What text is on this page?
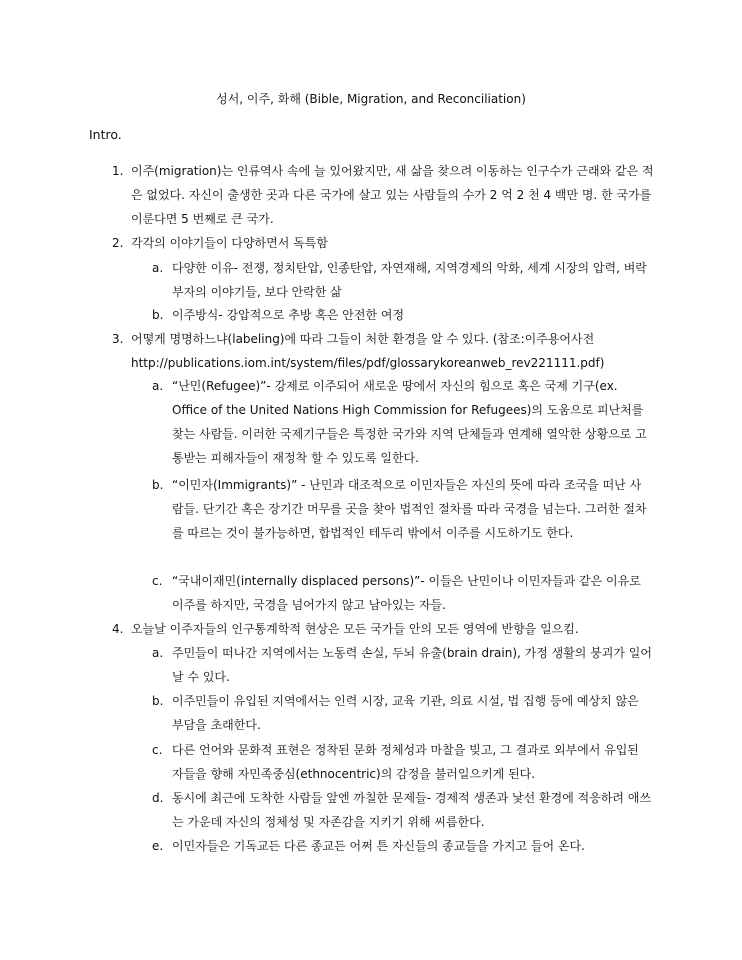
성서, 이주, 화해 (Bible, Migration, and Reconciliation)
Intro.
1. 이주(migration)는 인류역사 속에 늘 있어왔지만, 새 삶을 찾으려 이동하는 인구수가 근래와 같은 적은 없었다. 자신이 출생한 곳과 다른 국가에 살고 있는 사람들의 수가 2 억 2 천 4 백만 명. 한 국가를 이룬다면 5 번째로 큰 국가.
2. 각각의 이야기들이 다양하면서 독특함
a. 다양한 이유- 전쟁, 정치탄압, 인종탄압, 자연재해, 지역경제의 악화, 세계 시장의 압력, 벼락부자의 이야기들, 보다 안락한 삶
b. 이주방식- 강압적으로 추방 혹은 안전한 여정
3. 어떻게 명명하느냐(labeling)에 따라 그들이 처한 환경을 알 수 있다. (참조:이주용어사전 http://publications.iom.int/system/files/pdf/glossarykoreanweb_rev221111.pdf)
a. “난민(Refugee)”- 강제로 이주되어 새로운 땅에서 자신의 힘으로 혹은 국제 기구(ex. Office of the United Nations High Commission for Refugees)의 도움으로 피난처를 찾는 사람들. 이러한 국제기구들은 특정한 국가와 지역 단체들과 연계해 열악한 상황으로 고통받는 피해자들이 재정착 할 수 있도록 일한다.
b. “이민자(Immigrants)” - 난민과 대조적으로 이민자들은 자신의 뜻에 따라 조국을 떠난 사람들. 단기간 혹은 장기간 머무를 곳을 찾아 법적인 절차를 따라 국경을 넘는다. 그러한 절차를 따르는 것이 불가능하면, 합법적인 테두리 밖에서 이주를 시도하기도 한다.
c. “국내이재민(internally displaced persons)”- 이들은 난민이나 이민자들과 같은 이유로 이주를 하지만, 국경을 넘어가지 않고 남아있는 자들.
4. 오늘날 이주자들의 인구통계학적 현상은 모든 국가들 안의 모든 영역에 반향을 일으킴.
a. 주민들이 떠나간 지역에서는 노동력 손실, 두뇌 유출(brain drain), 가정 생활의 붕괴가 일어날 수 있다.
b. 이주민들이 유입된 지역에서는 인력 시장, 교육 기관, 의료 시설, 법 집행 등에 예상치 않은 부담을 초래한다.
c. 다른 언어와 문화적 표현은 정착된 문화 정체성과 마찰을 빚고, 그 결과로 외부에서 유입된 자들을 향해 자민족중심(ethnocentric)의 감정을 불러일으키게 된다.
d. 동시에 최근에 도착한 사람들 앞엔 까칠한 문제들- 경제적 생존과 낯선 환경에 적응하려 애쓰는 가운데 자신의 정체성 및 자존감을 지키기 위해 씨름한다.
e. 이민자들은 기독교든 다른 종교든 어쩌 튼 자신들의 종교들을 가지고 들어 온다.
